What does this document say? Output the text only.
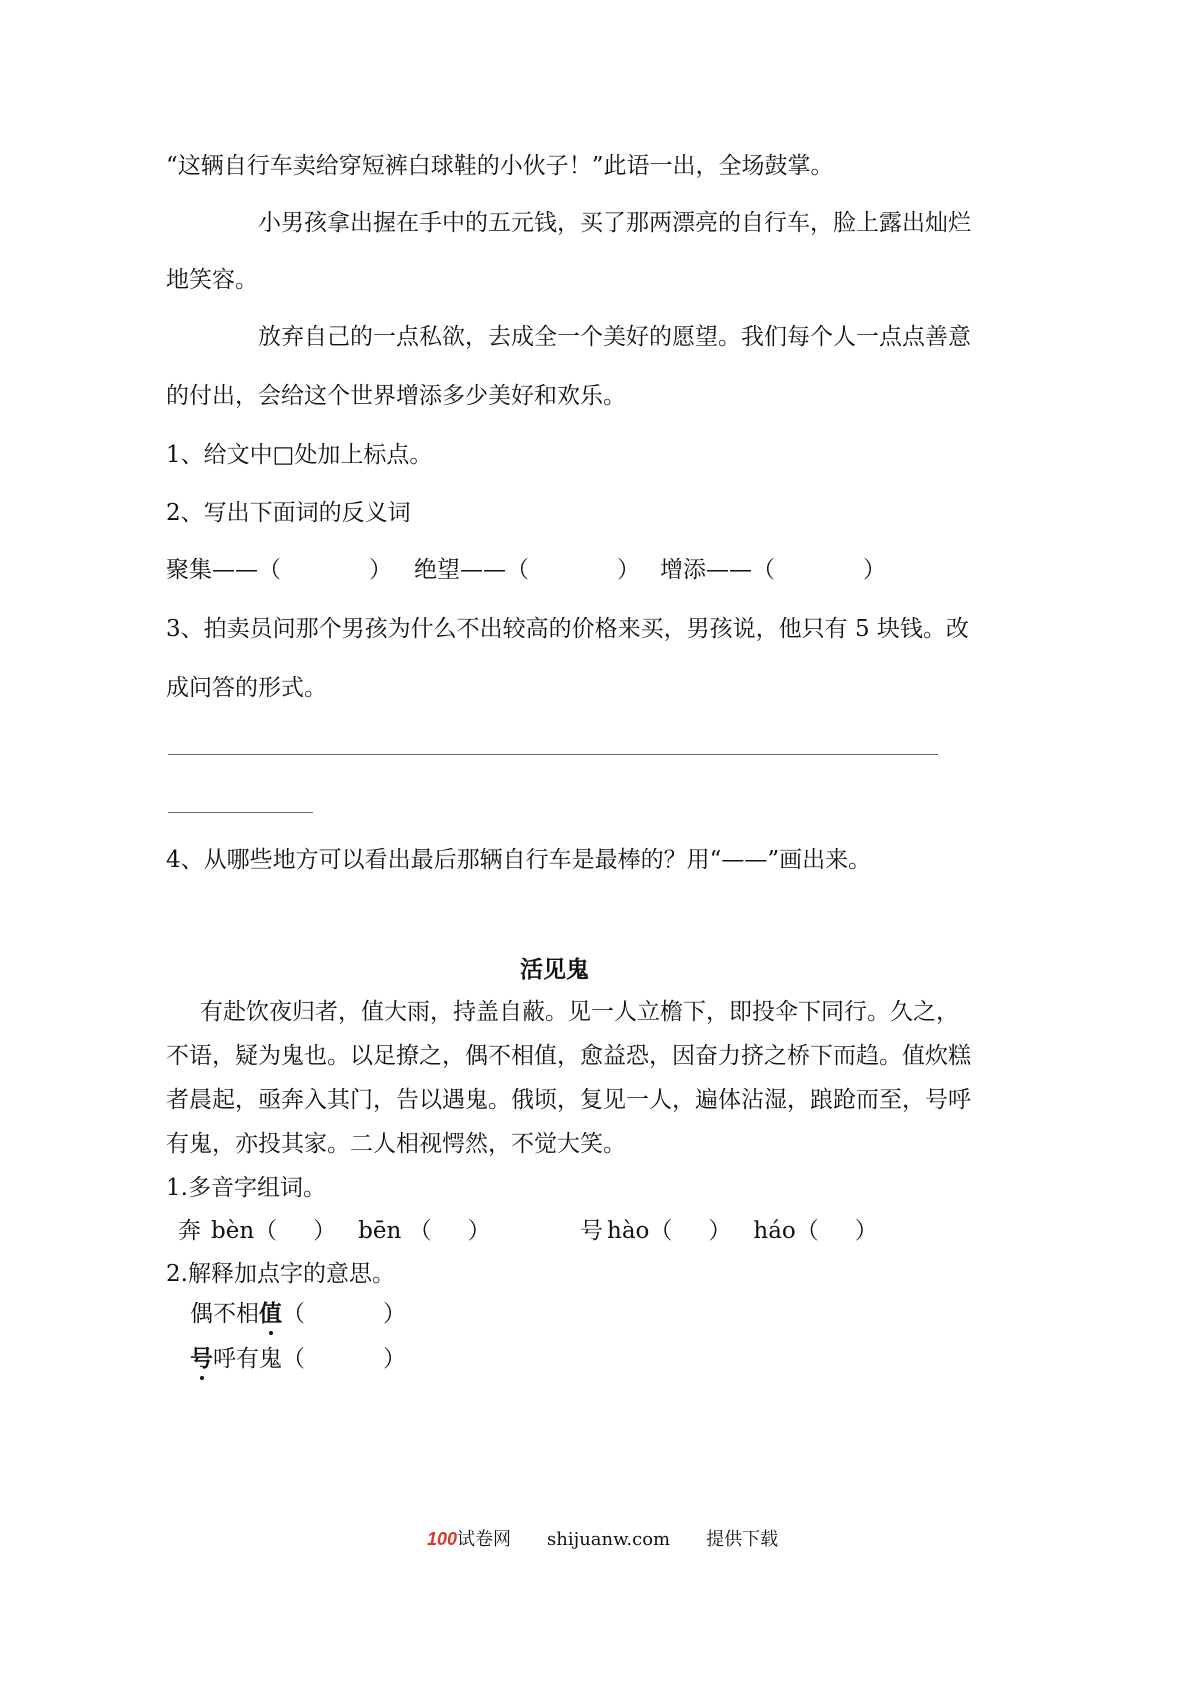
“这辆自行车卖给穿短裤白球鞋的小伙子！”此语一出，全场鼓掌。
小男孩拿出握在手中的五元钱，买了那两漂亮的自行车，脸上露出灿烂
地笑容。
放弃自己的一点私欲，去成全一个美好的愿望。我们每个人一点点善意
的付出，会给这个世界增添多少美好和欢乐。
1、给文中□处加上标点。
2、写出下面词的反义词
聚集——（	） 绝望——（	） 增添——（	）
3、拍卖员问那个男孩为什么不出较高的价格来买，男孩说，他只有 5 块钱。改
成问答的形式。
4、从哪些地方可以看出最后那辆自行车是最棒的？用“——”画出来。
活见鬼
有赴饮夜归者，值大雨，持盖自蔽。见一人立檐下，即投伞下同行。久之，
不语，疑为鬼也。以足撩之，偶不相值，愈益恐，因奋力挤之桥下而趋。值炊糕
者晨起，亟奔入其门，告以遇鬼。俄顷，复见一人，遍体沾湿，踉跄而至，号呼
有鬼，亦投其家。二人相视愕然，不觉大笑。
1.多音字组词。
奔 bèn（ ） bēn （ ）	号 hào（ ） háo（ ）
2.解释加点字的意思。
偶不相值（	）
号呼有鬼（	）
100试卷网 shijuanw.com 提供下载
